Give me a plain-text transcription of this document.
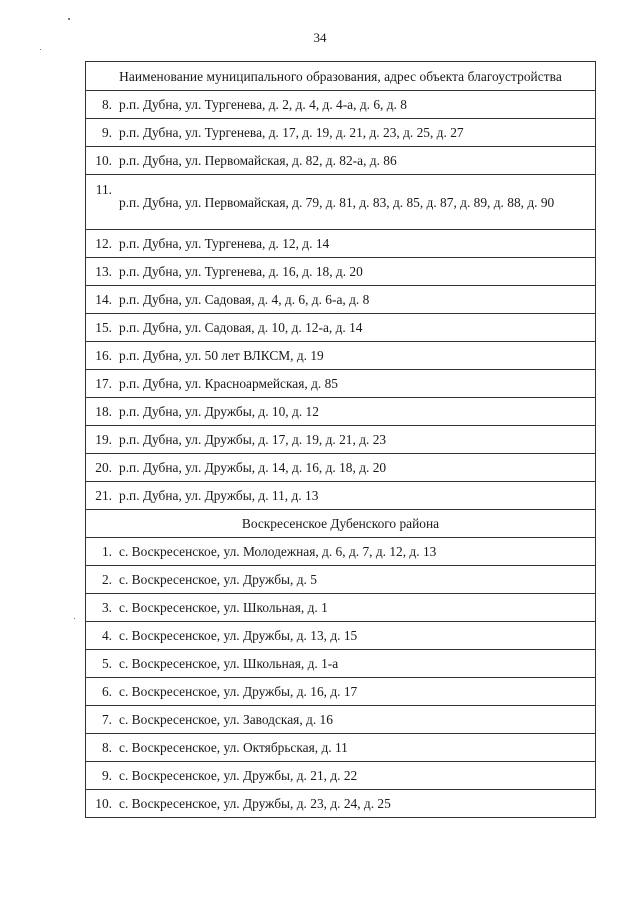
34
Наименование муниципального образования, адрес объекта благоустройства	
8.	р.п. Дубна, ул. Тургенева, д. 2, д. 4, д. 4-а, д. 6, д. 8
9.	р.п. Дубна, ул. Тургенева, д. 17, д. 19, д. 21, д. 23, д. 25, д. 27
10.	р.п. Дубна, ул. Первомайская, д. 82, д. 82-а, д. 86
11.	р.п. Дубна, ул. Первомайская, д. 79, д. 81, д. 83, д. 85, д. 87, д. 89, д. 88, д. 90
12.	р.п. Дубна, ул. Тургенева, д. 12, д. 14
13.	р.п. Дубна, ул. Тургенева, д. 16, д. 18, д. 20
14.	р.п. Дубна, ул. Садовая, д. 4, д. 6, д. 6-а, д. 8
15.	р.п. Дубна, ул. Садовая, д. 10, д. 12-а, д. 14
16.	р.п. Дубна, ул. 50 лет ВЛКСМ, д. 19
17.	р.п. Дубна, ул. Красноармейская, д. 85
18.	р.п. Дубна, ул. Дружбы, д. 10, д. 12
19.	р.п. Дубна, ул. Дружбы, д. 17, д. 19, д. 21, д. 23
20.	р.п. Дубна, ул. Дружбы, д. 14, д. 16, д. 18, д. 20
21.	р.п. Дубна, ул. Дружбы, д. 11, д. 13
Воскресенское Дубенского района	
1.	с. Воскресенское, ул. Молодежная, д. 6, д. 7, д. 12, д. 13
2.	с. Воскресенское, ул. Дружбы, д. 5
3.	с. Воскресенское, ул. Школьная, д. 1
4.	с. Воскресенское, ул. Дружбы, д. 13, д. 15
5.	с. Воскресенское, ул. Школьная, д. 1-а
6.	с. Воскресенское, ул. Дружбы, д. 16, д. 17
7.	с. Воскресенское, ул. Заводская, д. 16
8.	с. Воскресенское, ул. Октябрьская, д. 11
9.	с. Воскресенское, ул. Дружбы, д. 21, д. 22
10.	с. Воскресенское, ул. Дружбы, д. 23, д. 24, д. 25
